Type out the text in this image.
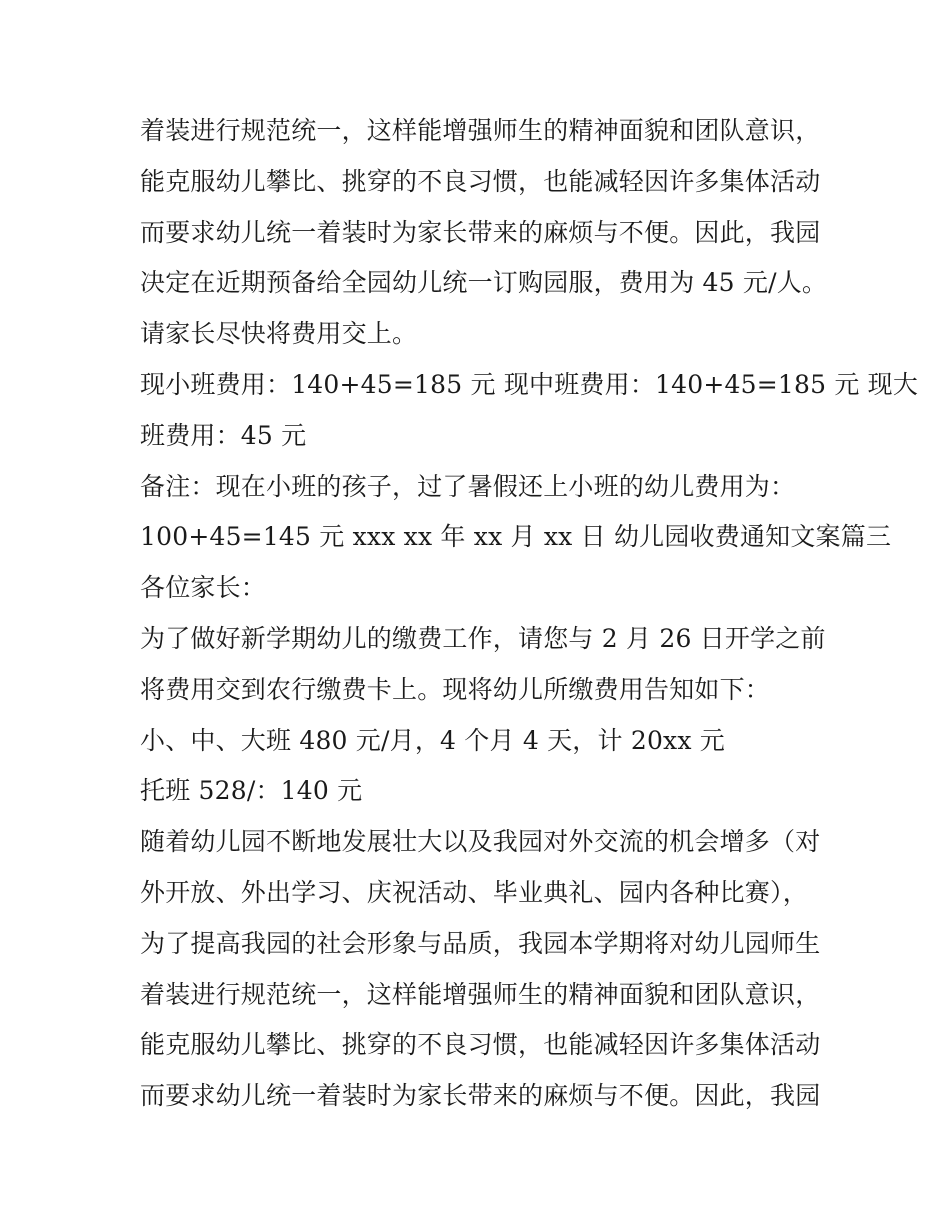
着装进行规范统一，这样能增强师生的精神面貌和团队意识，
能克服幼儿攀比、挑穿的不良习惯，也能减轻因许多集体活动
而要求幼儿统一着装时为家长带来的麻烦与不便。因此，我园
决定在近期预备给全园幼儿统一订购园服，费用为 45 元/人。
请家长尽快将费用交上。
现小班费用：140+45=185 元 现中班费用：140+45=185 元 现大
班费用：45 元
备注：现在小班的孩子，过了暑假还上小班的幼儿费用为：
100+45=145 元 xxx xx 年 xx 月 xx 日 幼儿园收费通知文案篇三
各位家长：
为了做好新学期幼儿的缴费工作，请您与 2 月 26 日开学之前
将费用交到农行缴费卡上。现将幼儿所缴费用告知如下：
小、中、大班 480 元/月，4 个月 4 天，计 20xx 元
托班 528/：140 元
随着幼儿园不断地发展壮大以及我园对外交流的机会增多（对
外开放、外出学习、庆祝活动、毕业典礼、园内各种比赛），
为了提高我园的社会形象与品质，我园本学期将对幼儿园师生
着装进行规范统一，这样能增强师生的精神面貌和团队意识，
能克服幼儿攀比、挑穿的不良习惯，也能减轻因许多集体活动
而要求幼儿统一着装时为家长带来的麻烦与不便。因此，我园
